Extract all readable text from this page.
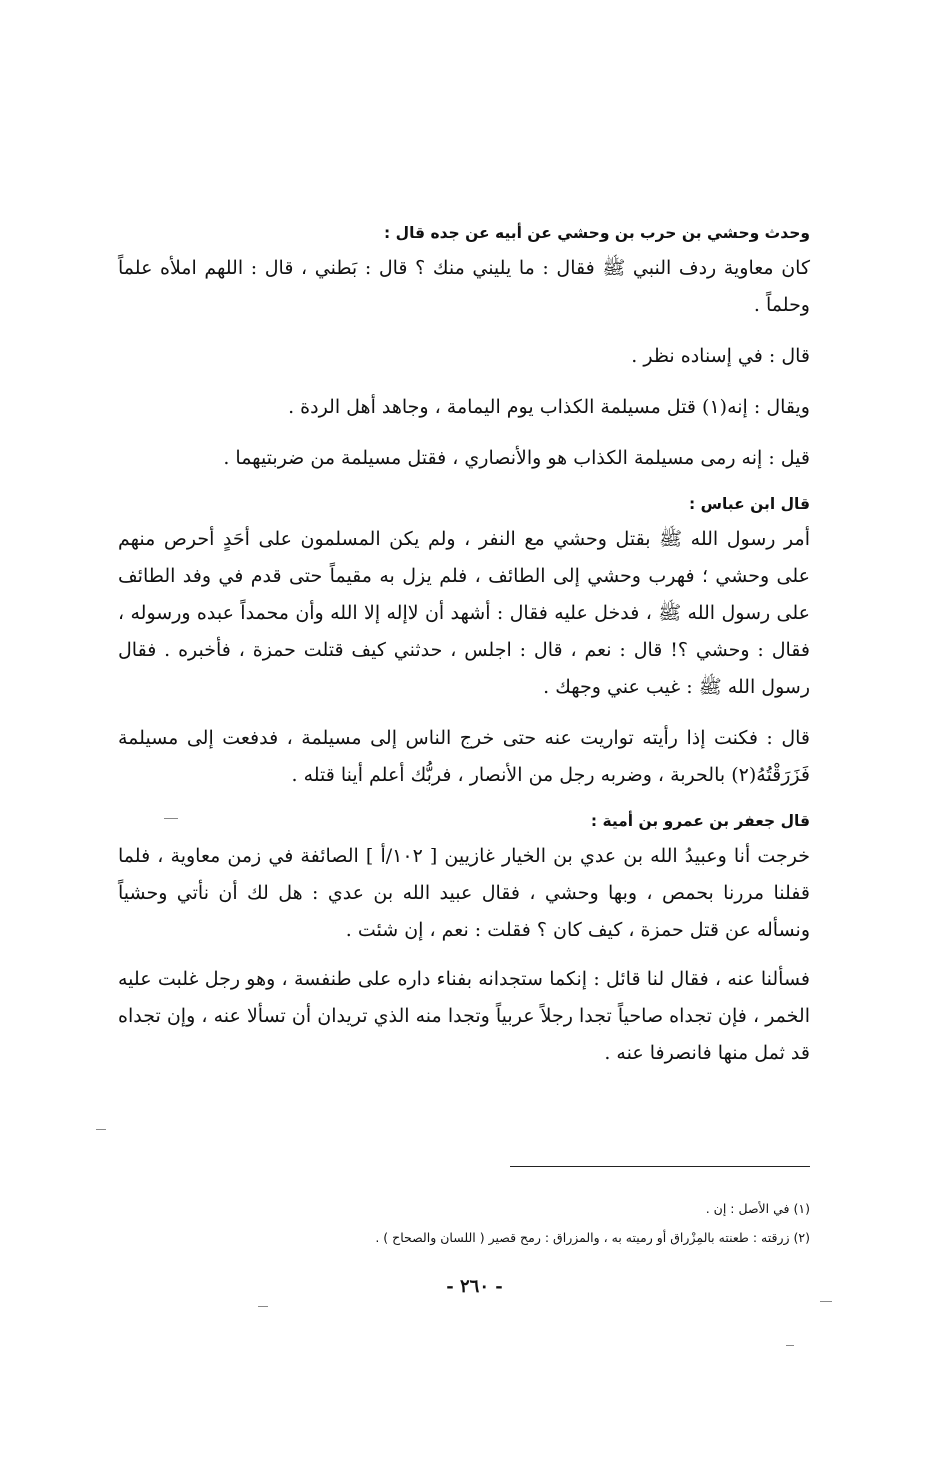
وحدث وحشي بن حرب بن وحشي عن أبيه عن جده قال :

كان معاوية ردف النبي ﷺ فقال : ما يليني منك ؟ قال : بَطني ، قال : اللهم املأه علماً وحلماً .

قال : في إسناده نظر .

ويقال : إنه(١) قتل مسيلمة الكذاب يوم اليمامة ، وجاهد أهل الردة .

قيل : إنه رمى مسيلمة الكذاب هو والأنصاري ، فقتل مسيلمة من ضربتيهما .

قال ابن عباس :

أمر رسول الله ﷺ بقتل وحشي مع النفر ، ولم يكن المسلمون على أحَدٍ أحرص منهم على وحشي ؛ فهرب وحشي إلى الطائف ، فلم يزل به مقيماً حتى قدم في وفد الطائف على رسول الله ﷺ ، فدخل عليه فقال : أشهد أن لاإله إلا الله وأن محمداً عبده ورسوله ، فقال : وحشي ؟! قال : نعم ، قال : اجلس ، حدثني كيف قتلت حمزة ، فأخبره . فقال رسول الله ﷺ : غيب عني وجهك .

قال : فكنت إذا رأيته تواريت عنه حتى خرج الناس إلى مسيلمة ، فدفعت إلى مسيلمة فَزَرَقْتُهُ(٢) بالحربة ، وضربه رجل من الأنصار ، فربُّك أعلم أينا قتله .

قال جعفر بن عمرو بن أمية :

خرجت أنا وعبيدُ الله بن عدي بن الخيار غازيين [ ١٠٢/أ ] الصائفة في زمن معاوية ، فلما قفلنا مررنا بحمص ، وبها وحشي ، فقال عبيد الله بن عدي : هل لك أن نأتي وحشياً ونسأله عن قتل حمزة ، كيف كان ؟ فقلت : نعم ، إن شئت .

فسألنا عنه ، فقال لنا قائل : إنكما ستجدانه بفناء داره على طنفسة ، وهو رجل غلبت عليه الخمر ، فإن تجداه صاحياً تجدا رجلاً عربياً وتجدا منه الذي تريدان أن تسألا عنه ، وإن تجداه قد ثمل منها فانصرفا عنه .

(١) في الأصل : إن .
(٢) زرقته : طعنته بالمِزْراق أو رميته به ، والمزراق : رمح قصير ( اللسان والصحاح ) .
- ٢٦٠ -
